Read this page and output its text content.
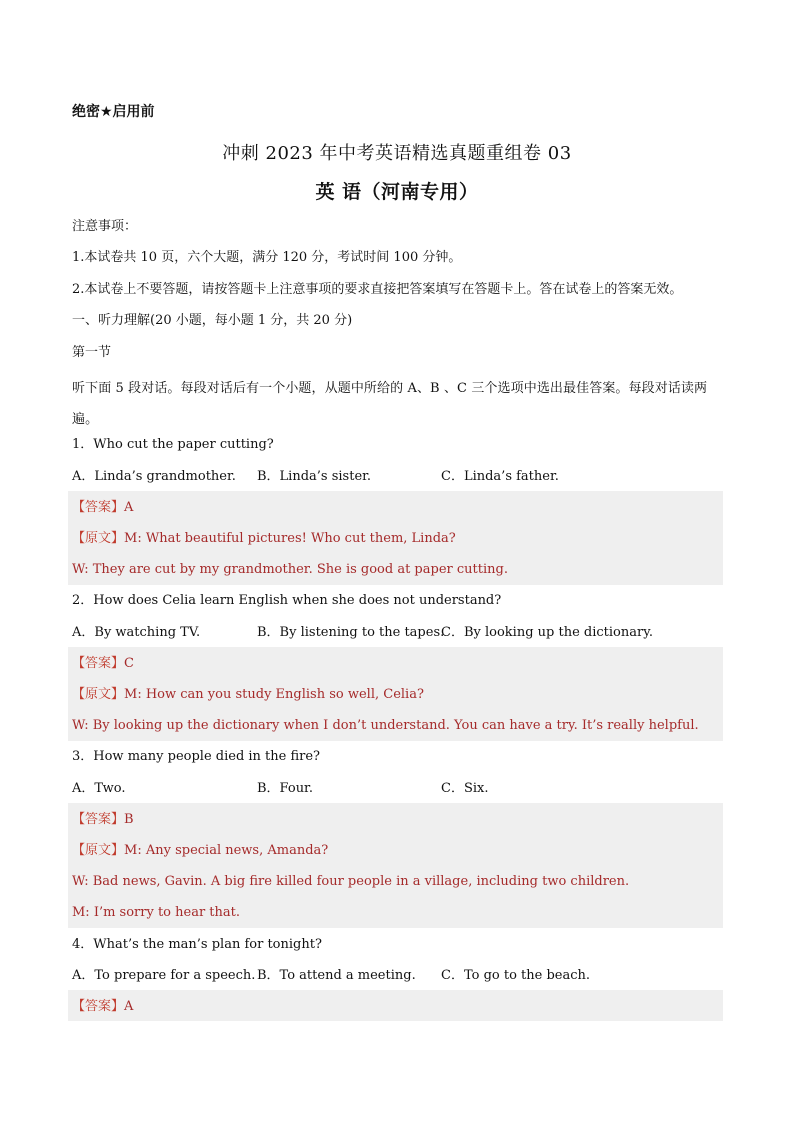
绝密★启用前
冲刺 2023 年中考英语精选真题重组卷 03
英 语（河南专用）
注意事项：
1.本试卷共 10 页，六个大题，满分 120 分，考试时间 100 分钟。
2.本试卷上不要答题，请按答题卡上注意事项的要求直接把答案填写在答题卡上。答在试卷上的答案无效。
一、听力理解(20 小题，每小题 1 分，共 20 分)
第一节
听下面 5 段对话。每段对话后有一个小题，从题中所给的 A、B 、C 三个选项中选出最佳答案。每段对话读两遍。
1．Who cut the paper cutting?
A．Linda’s grandmother. B．Linda’s sister.	C．Linda’s father.
【答案】A
【原文】M: What beautiful pictures! Who cut them, Linda?
W: They are cut by my grandmother. She is good at paper cutting.
2．How does Celia learn English when she does not understand?
A．By watching TV.	B．By listening to the tapes.
C．By looking up the dictionary.
【答案】C
【原文】M: How can you study English so well, Celia?
W: By looking up the dictionary when I don’t understand. You can have a try. It’s really helpful.
3．How many people died in the fire?
A．Two.	B．Four.	C．Six.
【答案】B
【原文】M: Any special news, Amanda?
W: Bad news, Gavin. A big fire killed four people in a village, including two children.
M: I’m sorry to hear that.
4．What’s the man’s plan for tonight?
A．To prepare for a speech. B．To attend a meeting. C．To go to the beach.
【答案】A
